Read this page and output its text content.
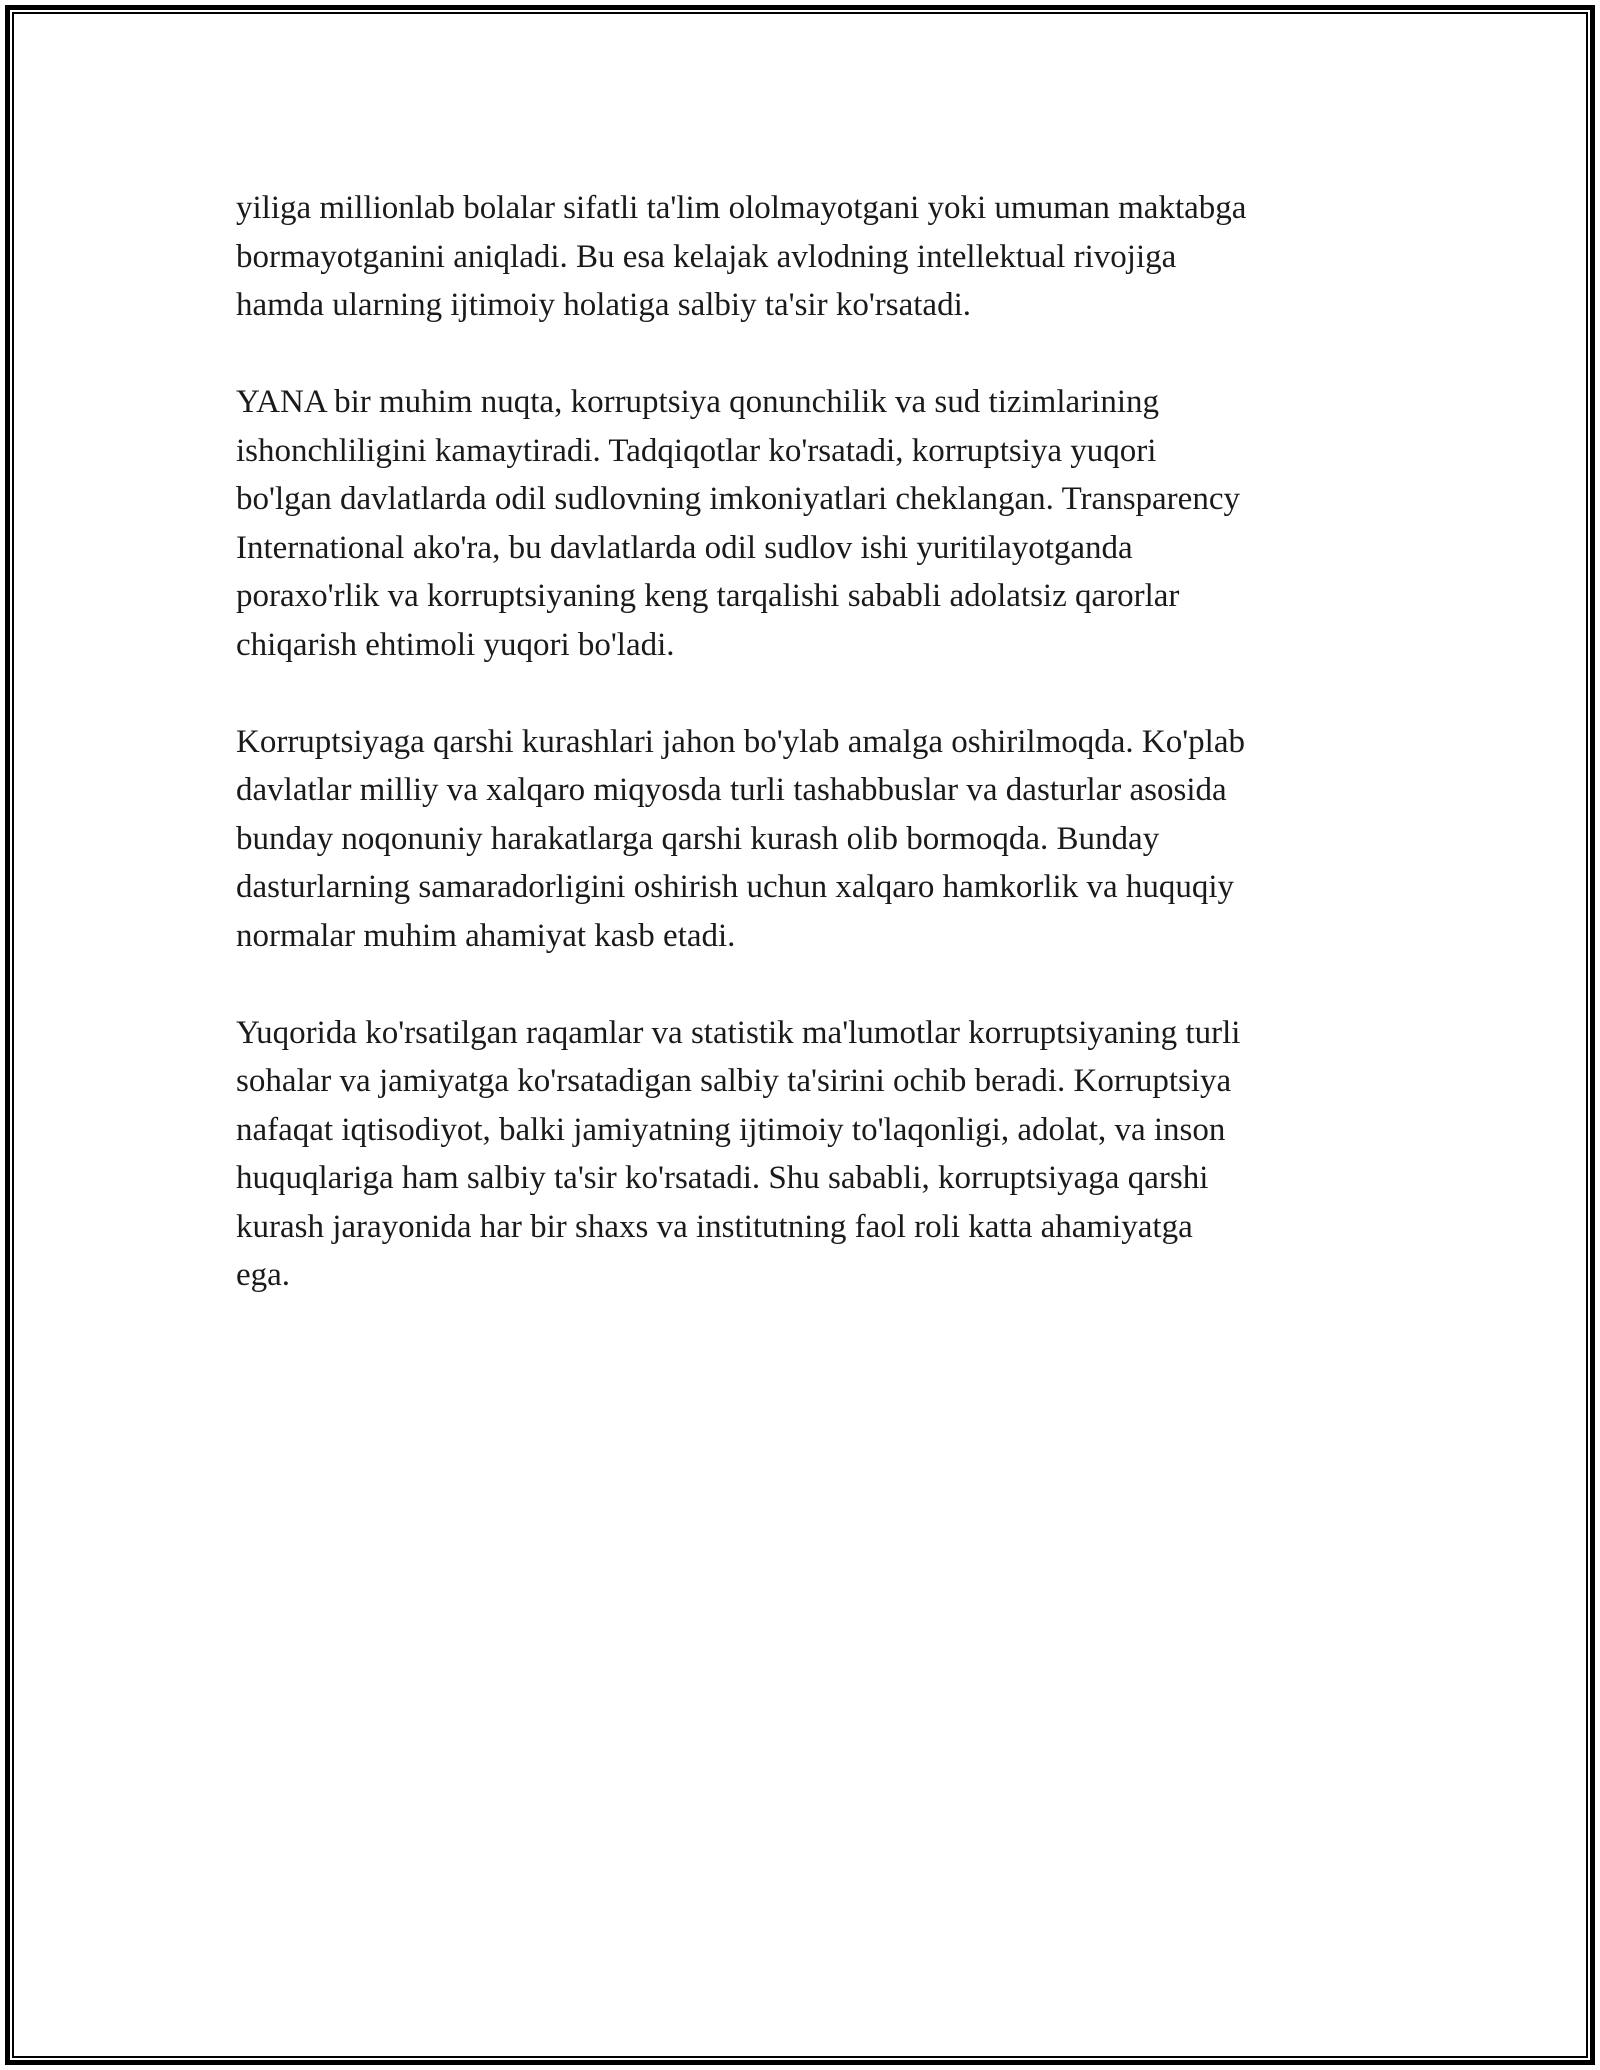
yiliga millionlab bolalar sifatli ta'lim ololmayotgani yoki umuman maktabga
bormayotganini aniqladi. Bu esa kelajak avlodning intellektual rivojiga
hamda ularning ijtimoiy holatiga salbiy ta'sir ko'rsatadi.

YANA bir muhim nuqta, korruptsiya qonunchilik va sud tizimlarining
ishonchliligini kamaytiradi. Tadqiqotlar ko'rsatadi, korruptsiya yuqori
bo'lgan davlatlarda odil sudlovning imkoniyatlari cheklangan. Transparency
International ako'ra, bu davlatlarda odil sudlov ishi yuritilayotganda
poraxo'rlik va korruptsiyaning keng tarqalishi sababli adolatsiz qarorlar
chiqarish ehtimoli yuqori bo'ladi.

Korruptsiyaga qarshi kurashlari jahon bo'ylab amalga oshirilmoqda. Ko'plab
davlatlar milliy va xalqaro miqyosda turli tashabbuslar va dasturlar asosida
bunday noqonuniy harakatlarga qarshi kurash olib bormoqda. Bunday
dasturlarning samaradorligini oshirish uchun xalqaro hamkorlik va huquqiy
normalar muhim ahamiyat kasb etadi.

Yuqorida ko'rsatilgan raqamlar va statistik ma'lumotlar korruptsiyaning turli
sohalar va jamiyatga ko'rsatadigan salbiy ta'sirini ochib beradi. Korruptsiya
nafaqat iqtisodiyot, balki jamiyatning ijtimoiy to'laqonligi, adolat, va inson
huquqlariga ham salbiy ta'sir ko'rsatadi. Shu sababli, korruptsiyaga qarshi
kurash jarayonida har bir shaxs va institutning faol roli katta ahamiyatga
ega.
